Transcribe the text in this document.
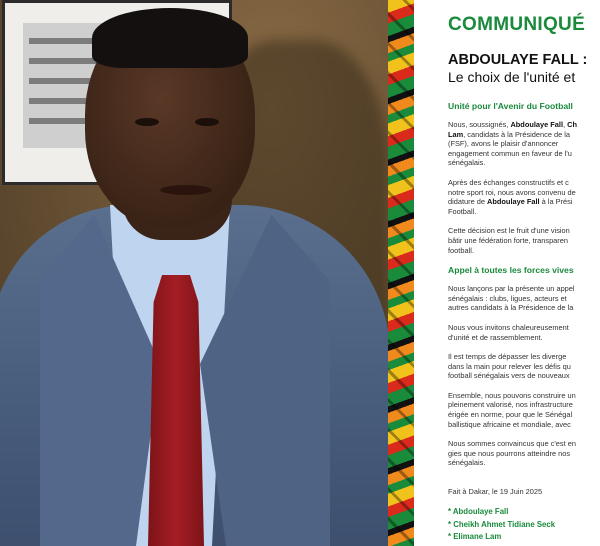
COMMUNIQUÉ
ABDOULAYE FALL :
Le choix de l'unité et
Unité pour l'Avenir du Football

Nous, soussignés, Abdoulaye Fall, Ch
Lam, candidats à la Présidence de la
(FSF), avons le plaisir d'annoncer
engagement commun en faveur de l'u
sénégalais.

Après des échanges constructifs et c
notre sport roi, nous avons convenu de
didature de Abdoulaye Fall à la Prési
Football.

Cette décision est le fruit d'une vision
bâtir une fédération forte, transparen
football.

Appel à toutes les forces vives

Nous lançons par la présente un appel
sénégalais : clubs, ligues, acteurs et
autres candidats à la Présidence de la

Nous vous invitons chaleureusement
d'unité et de rassemblement.

Il est temps de dépasser les diverge
dans la main pour relever les défis qu
football sénégalais vers de nouveaux

Ensemble, nous pouvons construire un
pleinement valorisé, nos infrastructure
érigée en norme, pour que le Sénégal
ballistique africaine et mondiale, avec

Nous sommes convaincus que c'est en
gies que nous pourrons atteindre nos
sénégalais.

Fait à Dakar, le 19 Juin 2025
* Abdoulaye Fall
* Cheikh Ahmet Tidiane Seck
* Elimane Lam
